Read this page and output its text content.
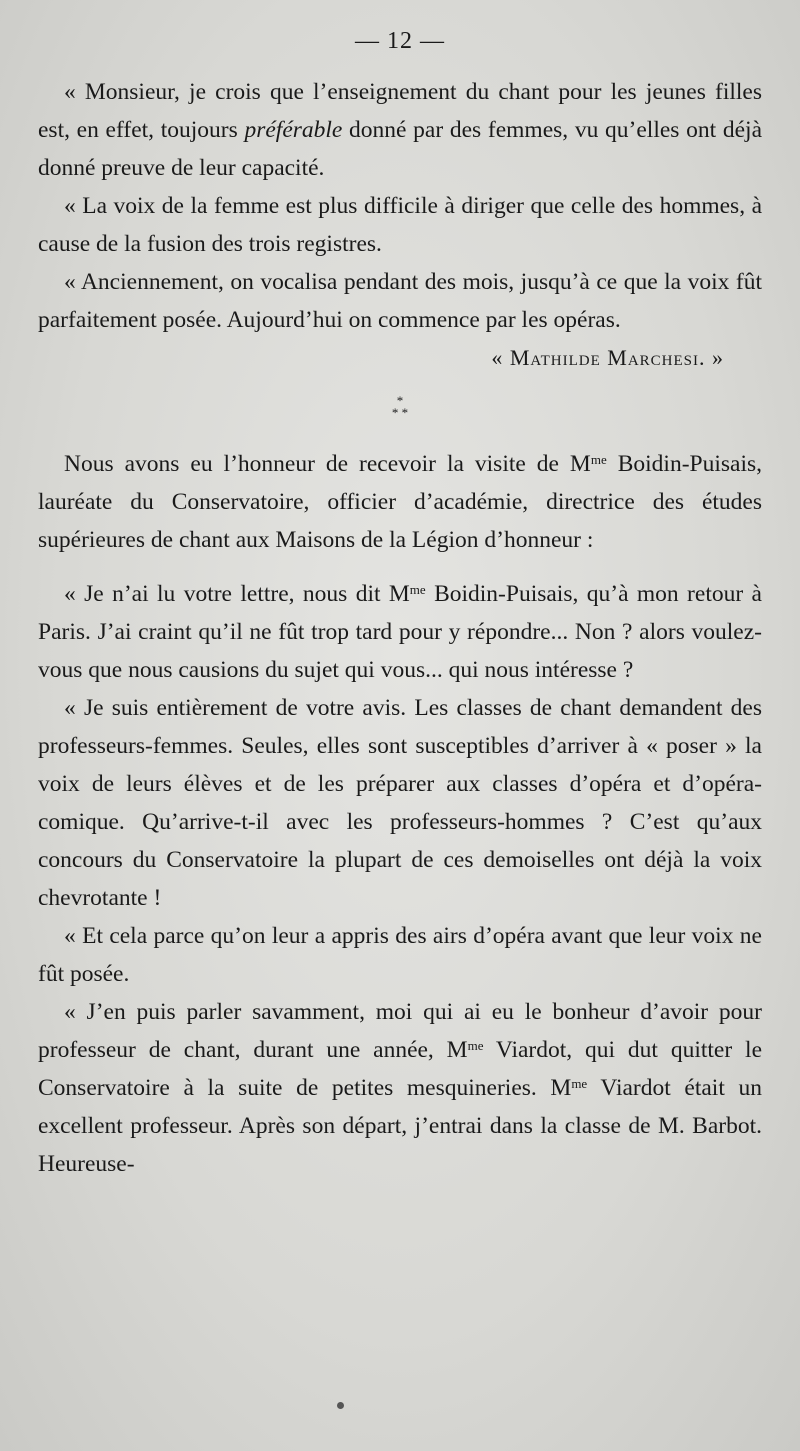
— 12 —

« Monsieur, je crois que l’enseignement du chant pour les jeunes filles est, en effet, toujours préférable donné par des femmes, vu qu’elles ont déjà donné preuve de leur capacité.

« La voix de la femme est plus difficile à diriger que celle des hommes, à cause de la fusion des trois registres.

« Anciennement, on vocalisa pendant des mois, jusqu’à ce que la voix fût parfaitement posée. Aujourd’hui on commence par les opéras.

« Mathilde Marchesi. »
*
* *

Nous avons eu l’honneur de recevoir la visite de $M^{me}$ Boidin-Puisais, lauréate du Conservatoire, officier d’académie, directrice des études supérieures de chant aux Maisons de la Légion d’honneur :

« Je n’ai lu votre lettre, nous dit $M^{me}$ Boidin-Puisais, qu’à mon retour à Paris. J’ai craint qu’il ne fût trop tard pour y répondre... Non ? alors voulez-vous que nous causions du sujet qui vous... qui nous intéresse ?

« Je suis entièrement de votre avis. Les classes de chant demandent des professeurs-femmes. Seules, elles sont susceptibles d’arriver à « poser » la voix de leurs élèves et de les préparer aux classes d’opéra et d’opéra-comique. Qu’arrive-t-il avec les professeurs-hommes ? C’est qu’aux concours du Conservatoire la plupart de ces demoiselles ont déjà la voix chevrotante !

« Et cela parce qu’on leur a appris des airs d’opéra avant que leur voix ne fût posée.

« J’en puis parler savamment, moi qui ai eu le bonheur d’avoir pour professeur de chant, durant une année, $M^{me}$ Viardot, qui dut quitter le Conservatoire à la suite de petites mesquineries. $M^{me}$ Viardot était un excellent professeur. Après son départ, j’entrai dans la classe de M. Barbot. Heureuse-
